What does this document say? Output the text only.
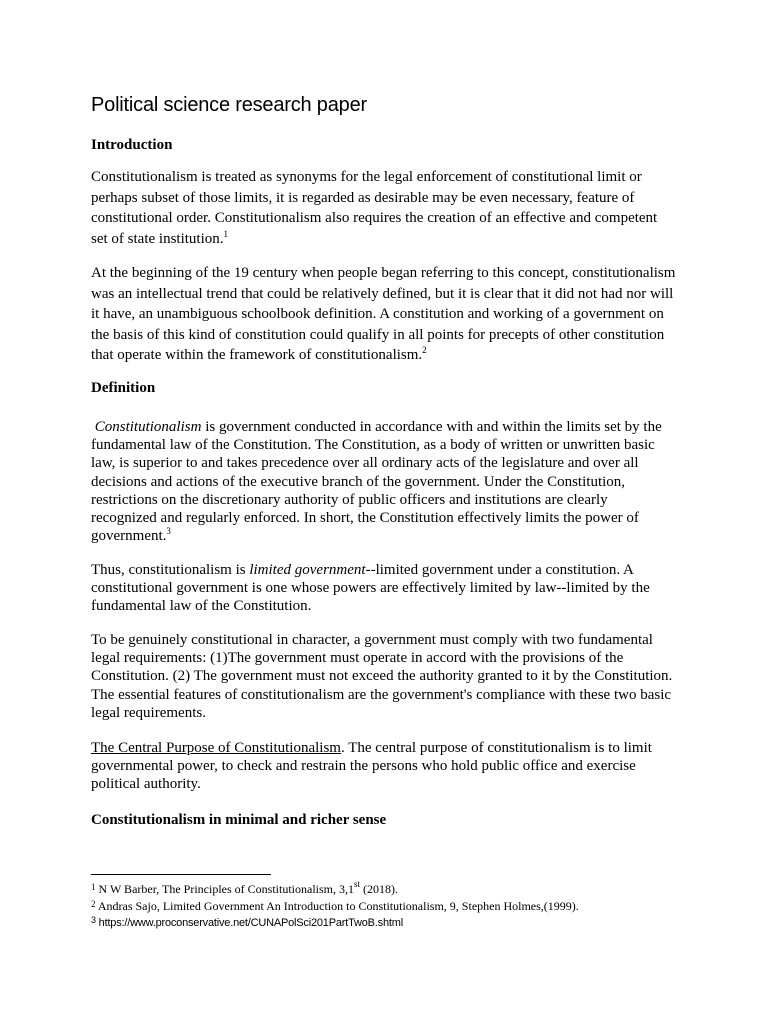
Political science research paper
Introduction

Constitutionalism is treated as synonyms for the legal enforcement of constitutional limit or
perhaps subset of those limits, it is regarded as desirable may be even necessary, feature of
constitutional order. Constitutionalism also requires the creation of an effective and competent
set of state institution.$^1$

At the beginning of the 19 century when people began referring to this concept, constitutionalism
was an intellectual trend that could be relatively defined, but it is clear that it did not had nor will
it have, an unambiguous schoolbook definition. A constitution and working of a government on
the basis of this kind of constitution could qualify in all points for precepts of other constitution
that operate within the framework of constitutionalism.$^2$

Definition

Constitutionalism is government conducted in accordance with and within the limits set by the
fundamental law of the Constitution. The Constitution, as a body of written or unwritten basic
law, is superior to and takes precedence over all ordinary acts of the legislature and over all
decisions and actions of the executive branch of the government. Under the Constitution,
restrictions on the discretionary authority of public officers and institutions are clearly
recognized and regularly enforced. In short, the Constitution effectively limits the power of
government.$^3$

Thus, constitutionalism is limited government--limited government under a constitution. A
constitutional government is one whose powers are effectively limited by law--limited by the
fundamental law of the Constitution.

To be genuinely constitutional in character, a government must comply with two fundamental
legal requirements: (1)The government must operate in accord with the provisions of the
Constitution. (2) The government must not exceed the authority granted to it by the Constitution.
The essential features of constitutionalism are the government's compliance with these two basic
legal requirements.

The Central Purpose of Constitutionalism. The central purpose of constitutionalism is to limit
governmental power, to check and restrain the persons who hold public office and exercise
political authority.

Constitutionalism in minimal and richer sense

$^1$ N W Barber, The Principles of Constitutionalism, 3,1st (2018).

$^2$ Andras Sajo, Limited Government An Introduction to Constitutionalism, 9, Stephen Holmes,(1999).

$^3$ https://www.proconservative.net/CUNAPolSci201PartTwoB.shtml
